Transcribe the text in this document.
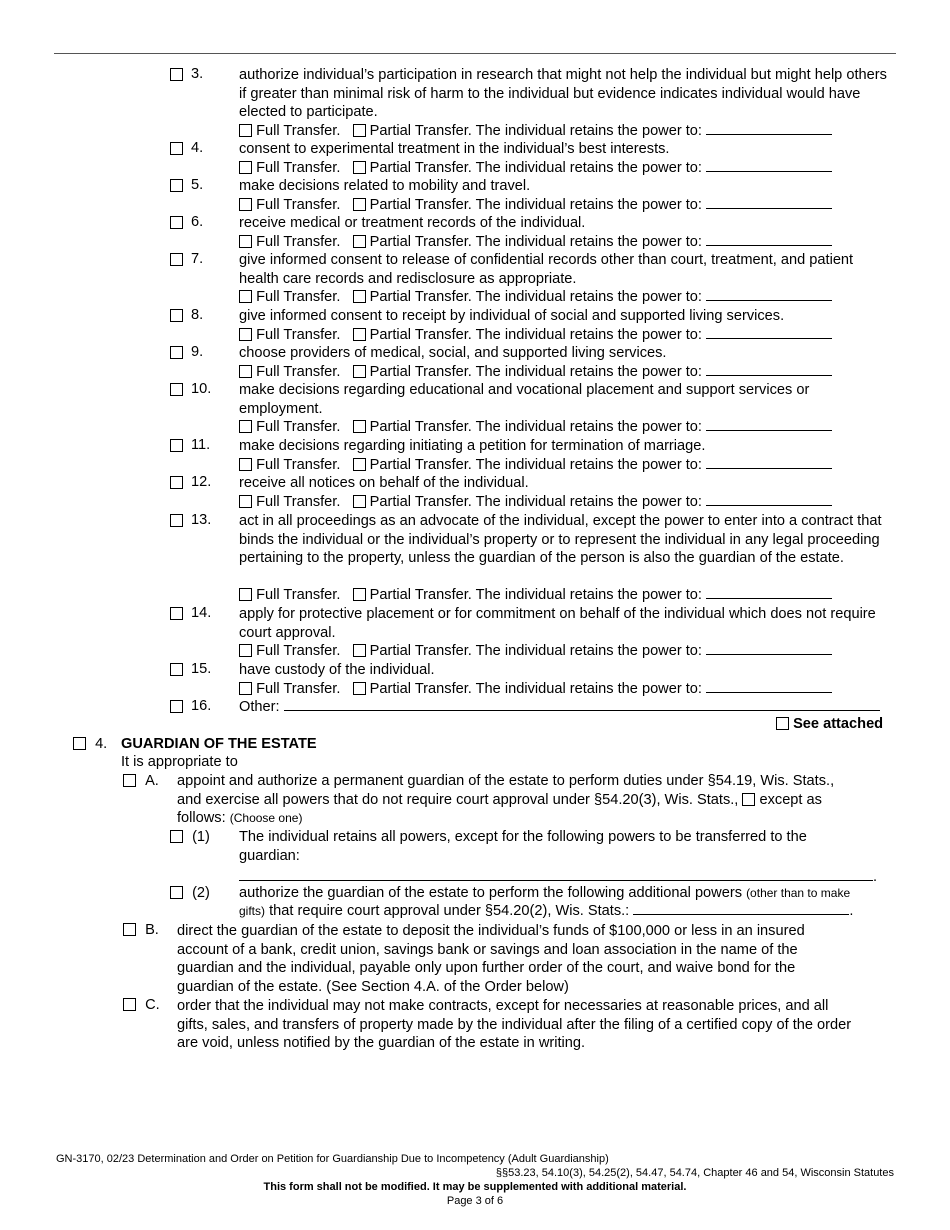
3. authorize individual’s participation in research that might not help the individual but might help others if greater than minimal risk of harm to the individual but evidence indicates individual would have elected to participate.
Full Transfer. Partial Transfer. The individual retains the power to:
4. consent to experimental treatment in the individual’s best interests.
Full Transfer. Partial Transfer. The individual retains the power to:
5. make decisions related to mobility and travel.
Full Transfer. Partial Transfer. The individual retains the power to:
6. receive medical or treatment records of the individual.
Full Transfer. Partial Transfer. The individual retains the power to:
7. give informed consent to release of confidential records other than court, treatment, and patient health care records and redisclosure as appropriate.
Full Transfer. Partial Transfer. The individual retains the power to:
8. give informed consent to receipt by individual of social and supported living services.
Full Transfer. Partial Transfer. The individual retains the power to:
9. choose providers of medical, social, and supported living services.
Full Transfer. Partial Transfer. The individual retains the power to:
10. make decisions regarding educational and vocational placement and support services or employment.
Full Transfer. Partial Transfer. The individual retains the power to:
11. make decisions regarding initiating a petition for termination of marriage.
Full Transfer. Partial Transfer. The individual retains the power to:
12. receive all notices on behalf of the individual.
Full Transfer. Partial Transfer. The individual retains the power to:
13. act in all proceedings as an advocate of the individual, except the power to enter into a contract that binds the individual or the individual’s property or to represent the individual in any legal proceeding pertaining to the property, unless the guardian of the person is also the guardian of the estate.
Full Transfer. Partial Transfer. The individual retains the power to:
14. apply for protective placement or for commitment on behalf of the individual which does not require court approval.
Full Transfer. Partial Transfer. The individual retains the power to:
15. have custody of the individual.
Full Transfer. Partial Transfer. The individual retains the power to:
16. Other:
See attached
4. GUARDIAN OF THE ESTATE
It is appropriate to
A. appoint and authorize a permanent guardian of the estate to perform duties under §54.19, Wis. Stats.,
and exercise all powers that do not require court approval under §54.20(3), Wis. Stats., except as
follows: (Choose one)
(1) The individual retains all powers, except for the following powers to be transferred to the
guardian:
.
(2) authorize the guardian of the estate to perform the following additional powers (other than to make
gifts) that require court approval under §54.20(2), Wis. Stats.:	.
B. direct the guardian of the estate to deposit the individual’s funds of $100,000 or less in an insured
account of a bank, credit union, savings bank or savings and loan association in the name of the
guardian and the individual, payable only upon further order of the court, and waive bond for the
guardian of the estate. (See Section 4.A. of the Order below)
C. order that the individual may not make contracts, except for necessaries at reasonable prices, and all
gifts, sales, and transfers of property made by the individual after the filing of a certified copy of the order
are void, unless notified by the guardian of the estate in writing.
GN-3170, 02/23 Determination and Order on Petition for Guardianship Due to Incompetency (Adult Guardianship)
§§53.23, 54.10(3), 54.25(2), 54.47, 54.74, Chapter 46 and 54, Wisconsin Statutes
This form shall not be modified. It may be supplemented with additional material.
Page 3 of 6
